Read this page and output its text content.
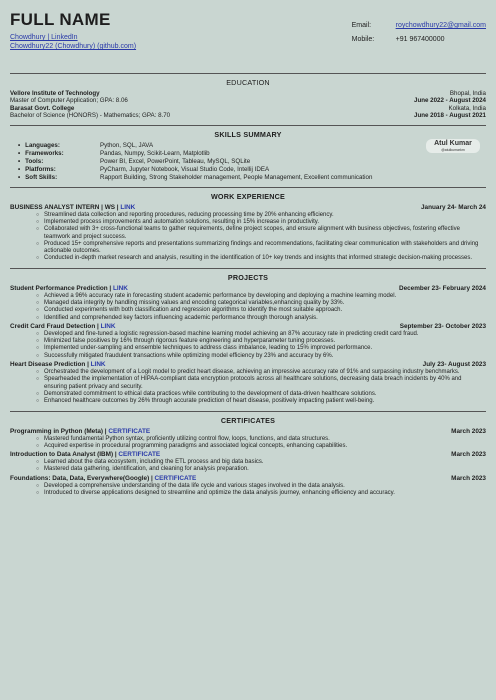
FULL NAME
Chowdhury | LinkedIn
Chowdhury22 (Chowdhury) (github.com)
Email:	roychowdhury22@gmail.com
Mobile:	+91 967400000
EDUCATION
Vellore Institute of Technology	Bhopal, India
Master of Computer Application; GPA: 8.06	June 2022 - August 2024
Barasat Govt. College	Kolkata, India
Bachelor of Science (HONORS) - Mathematics; GPA: 8.70	June 2018 - August 2021
SKILLS SUMMARY
Atul Kumar
@atulkumarkm
• Languages:	Python, SQL, JAVA
• Frameworks:	Pandas, Numpy, Scikit-Learn, Matplotlib
• Tools:	Power BI, Excel, PowerPoint, Tableau, MySQL, SQLite
• Platforms:	PyCharm, Jupyter Notebook, Visual Studio Code, Intellij IDEA
• Soft Skills:	Rapport Building, Strong Stakeholder management, People Management, Excellent communication
WORK EXPERIENCE
BUSINESS ANALYST INTERN | WS | LINK	January 24- March 24
○ Streamlined data collection and reporting procedures, reducing processing time by 20% enhancing efficiency.
○ Implemented process improvements and automation solutions, resulting in 15% increase in productivity.
○ Collaborated with 3+ cross-functional teams to gather requirements, define project scopes, and ensure alignment with business objectives, fostering effective teamwork and project success.
○ Produced 15+ comprehensive reports and presentations summarizing findings and recommendations, facilitating clear communication with stakeholders and driving actionable outcomes.
○ Conducted in-depth market research and analysis, resulting in the identification of 10+ key trends and insights that informed strategic decision-making processes.
PROJECTS
Student Performance Prediction | LINK	December 23- February 2024
○ Achieved a 96% accuracy rate in forecasting student academic performance by developing and deploying a machine learning model.
○ Managed data integrity by handling missing values and encoding categorical variables,enhancing quality by 33%.
○ Conducted experiments with both classification and regression algorithms to identify the most suitable approach.
○ Identified and comprehended key factors influencing academic performance through thorough analysis.
Credit Card Fraud Detection | LINK	September 23- October 2023
○ Developed and fine-tuned a logistic regression-based machine learning model achieving an 87% accuracy rate in predicting credit card fraud.
○ Minimized false positives by 16% through rigorous feature engineering and hyperparameter tuning processes.
○ Implemented under-sampling and ensemble techniques to address class imbalance, leading to 15% improved performance.
○ Successfully mitigated fraudulent transactions while optimizing model efficiency by 23% and accuracy by 6%.
Heart Disease Prediction | LINK	July 23- August 2023
○ Orchestrated the development of a Logit model to predict heart disease, achieving an impressive accuracy rate of 91% and surpassing industry benchmarks.
○ Spearheaded the implementation of HIPAA-compliant data encryption protocols across all healthcare solutions, decreasing data breach incidents by 40% and ensuring patient privacy and security.
○ Demonstrated commitment to ethical data practices while contributing to the development of data-driven healthcare solutions.
○ Enhanced healthcare outcomes by 26% through accurate prediction of heart disease, positively impacting patient well-being.
CERTIFICATES
Programming in Python (Meta) | CERTIFICATE	March 2023
○ Mastered fundamental Python syntax, proficiently utilizing control flow, loops, functions, and data structures.
○ Acquired expertise in procedural programming paradigms and associated logical concepts, enhancing capabilities.
Introduction to Data Analyst (IBM) | CERTIFICATE	March 2023
○ Learned about the data ecosystem, including the ETL process and big data basics.
○ Mastered data gathering, identification, and cleaning for analysis preparation.
Foundations: Data, Data, Everywhere(Google) | CERTIFICATE	March 2023
○ Developed a comprehensive understanding of the data life cycle and various stages involved in the data analysis.
○ Introduced to diverse applications designed to streamline and optimize the data analysis journey, enhancing efficiency and accuracy.
